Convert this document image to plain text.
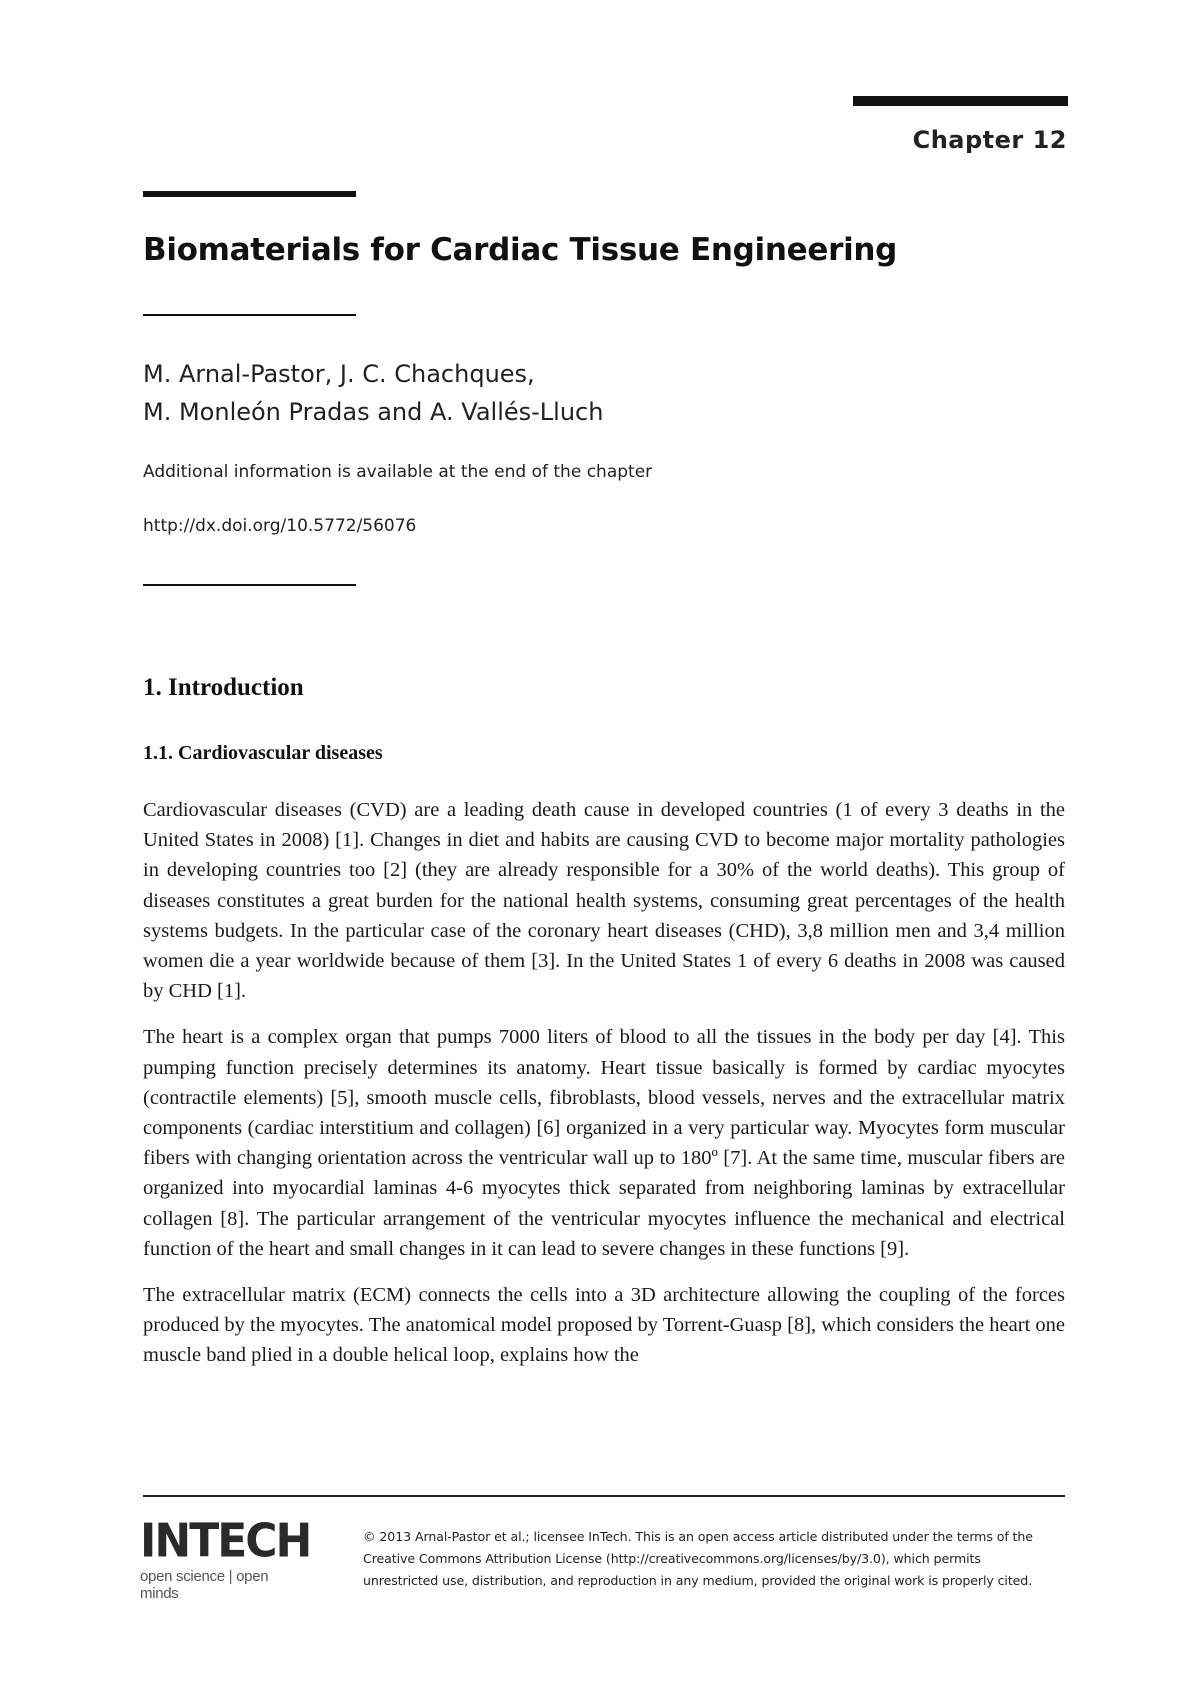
Chapter 12
Biomaterials for Cardiac Tissue Engineering
M. Arnal-Pastor, J. C. Chachques,
M. Monleón Pradas and A. Vallés-Lluch
Additional information is available at the end of the chapter
http://dx.doi.org/10.5772/56076
1. Introduction
1.1. Cardiovascular diseases

Cardiovascular diseases (CVD) are a leading death cause in developed countries (1 of every 3 deaths in the United States in 2008) [1]. Changes in diet and habits are causing CVD to become major mortality pathologies in developing countries too [2] (they are already responsible for a 30% of the world deaths). This group of diseases constitutes a great burden for the national health systems, consuming great percentages of the health systems budgets. In the particular case of the coronary heart diseases (CHD), 3,8 million men and 3,4 million women die a year worldwide because of them [3]. In the United States 1 of every 6 deaths in 2008 was caused by CHD [1].

The heart is a complex organ that pumps 7000 liters of blood to all the tissues in the body per day [4]. This pumping function precisely determines its anatomy. Heart tissue basically is formed by cardiac myocytes (contractile elements) [5], smooth muscle cells, fibroblasts, blood vessels, nerves and the extracellular matrix components (cardiac interstitium and collagen) [6] organized in a very particular way. Myocytes form muscular fibers with changing orientation across the ventricular wall up to 180º [7]. At the same time, muscular fibers are organized into myocardial laminas 4-6 myocytes thick separated from neighboring laminas by extracellular collagen [8]. The particular arrangement of the ventricular myocytes influence the mechanical and electrical function of the heart and small changes in it can lead to severe changes in these functions [9].

The extracellular matrix (ECM) connects the cells into a 3D architecture allowing the coupling of the forces produced by the myocytes. The anatomical model proposed by Torrent-Guasp [8], which considers the heart one muscle band plied in a double helical loop, explains how the

INTECH
open science | open minds
© 2013 Arnal-Pastor et al.; licensee InTech. This is an open access article distributed under the terms of the
Creative Commons Attribution License (http://creativecommons.org/licenses/by/3.0), which permits
unrestricted use, distribution, and reproduction in any medium, provided the original work is properly cited.
